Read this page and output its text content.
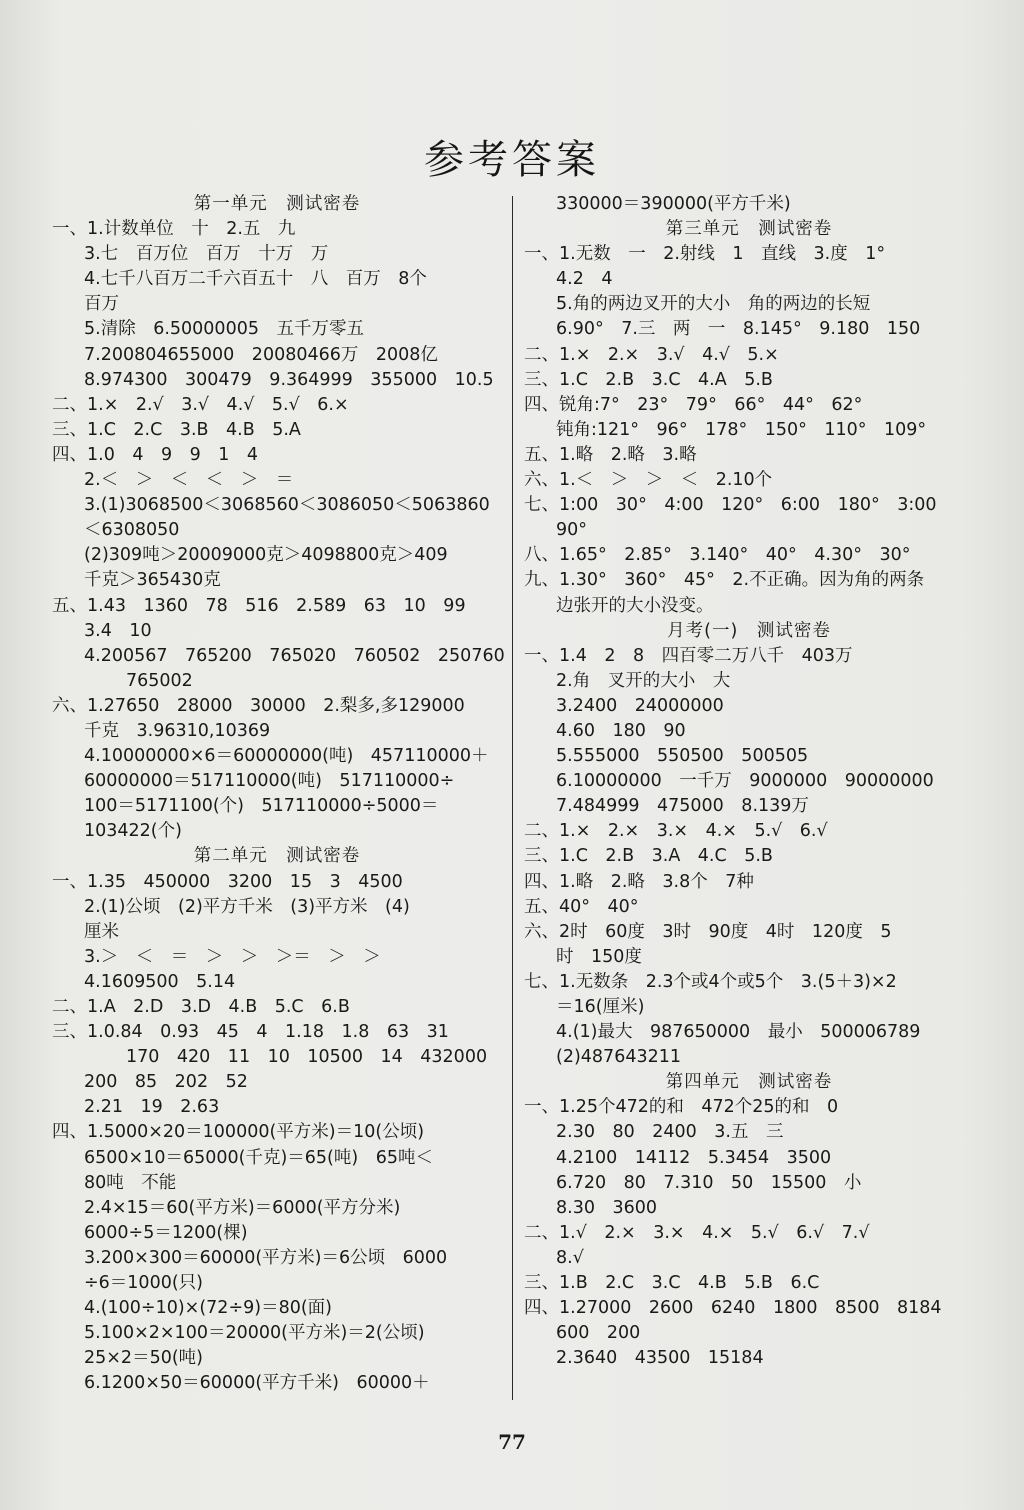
参考答案
第一单元　测试密卷
一、1.计数单位　十　2.五　九
3.七　百万位　百万　十万　万
4.七千八百万二千六百五十　八　百万　8个
百万
5.清除　6.50000005　五千万零五
7.200804655000　20080466万　2008亿
8.974300　300479　9.364999　355000　10.5
二、1.×　2.√　3.√　4.√　5.√　6.×
三、1.C　2.C　3.B　4.B　5.A
四、1.0　4　9　9　1　4
2.＜　＞　＜　＜　＞　＝
3.(1)3068500＜3068560＜3086050＜5063860
＜6308050
(2)309吨＞20009000克＞4098800克＞409
千克＞365430克
五、1.43　1360　78　516　2.589　63　10　99
3.4　10
4.200567　765200　765020　760502　250760
765002
六、1.27650　28000　30000　2.梨多,多129000
千克　3.96310,10369
4.10000000×6＝60000000(吨)　457110000＋
60000000＝517110000(吨)　517110000÷
100＝5171100(个)　517110000÷5000＝
103422(个)
第二单元　测试密卷
一、1.35　450000　3200　15　3　4500
2.(1)公顷　(2)平方千米　(3)平方米　(4)
厘米
3.＞　＜　＝　＞　＞　＞＝　＞　＞
4.1609500　5.14
二、1.A　2.D　3.D　4.B　5.C　6.B
三、1.0.84　0.93　45　4　1.18　1.8　63　31
170　420　11　10　10500　14　432000
200　85　202　52
2.21　19　2.63
四、1.5000×20＝100000(平方米)＝10(公顷)
6500×10＝65000(千克)＝65(吨)　65吨＜
80吨　不能
2.4×15＝60(平方米)＝6000(平方分米)
6000÷5＝1200(棵)
3.200×300＝60000(平方米)＝6公顷　6000
÷6＝1000(只)
4.(100÷10)×(72÷9)＝80(面)
5.100×2×100＝20000(平方米)＝2(公顷)
25×2＝50(吨)
6.1200×50＝60000(平方千米)　60000＋
330000＝390000(平方千米)
第三单元　测试密卷
一、1.无数　一　2.射线　1　直线　3.度　1°
4.2　4
5.角的两边叉开的大小　角的两边的长短
6.90°　7.三　两　一　8.145°　9.180　150
二、1.×　2.×　3.√　4.√　5.×
三、1.C　2.B　3.C　4.A　5.B
四、锐角:7°　23°　79°　66°　44°　62°
钝角:121°　96°　178°　150°　110°　109°
五、1.略　2.略　3.略
六、1.＜　＞　＞　＜　2.10个
七、1:00　30°　4:00　120°　6:00　180°　3:00
90°
八、1.65°　2.85°　3.140°　40°　4.30°　30°
九、1.30°　360°　45°　2.不正确。因为角的两条
边张开的大小没变。
月考(一)　测试密卷
一、1.4　2　8　四百零二万八千　403万
2.角　叉开的大小　大
3.2400　24000000
4.60　180　90
5.555000　550500　500505
6.10000000　一千万　9000000　90000000
7.484999　475000　8.139万
二、1.×　2.×　3.×　4.×　5.√　6.√
三、1.C　2.B　3.A　4.C　5.B
四、1.略　2.略　3.8个　7种
五、40°　40°
六、2时　60度　3时　90度　4时　120度　5
时　150度
七、1.无数条　2.3个或4个或5个　3.(5＋3)×2
＝16(厘米)
4.(1)最大　987650000　最小　500006789
(2)487643211
第四单元　测试密卷
一、1.25个472的和　472个25的和　0
2.30　80　2400　3.五　三
4.2100　14112　5.3454　3500
6.720　80　7.310　50　15500　小
8.30　3600
二、1.√　2.×　3.×　4.×　5.√　6.√　7.√
8.√
三、1.B　2.C　3.C　4.B　5.B　6.C
四、1.27000　2600　6240　1800　8500　8184
600　200
2.3640　43500　15184
77
